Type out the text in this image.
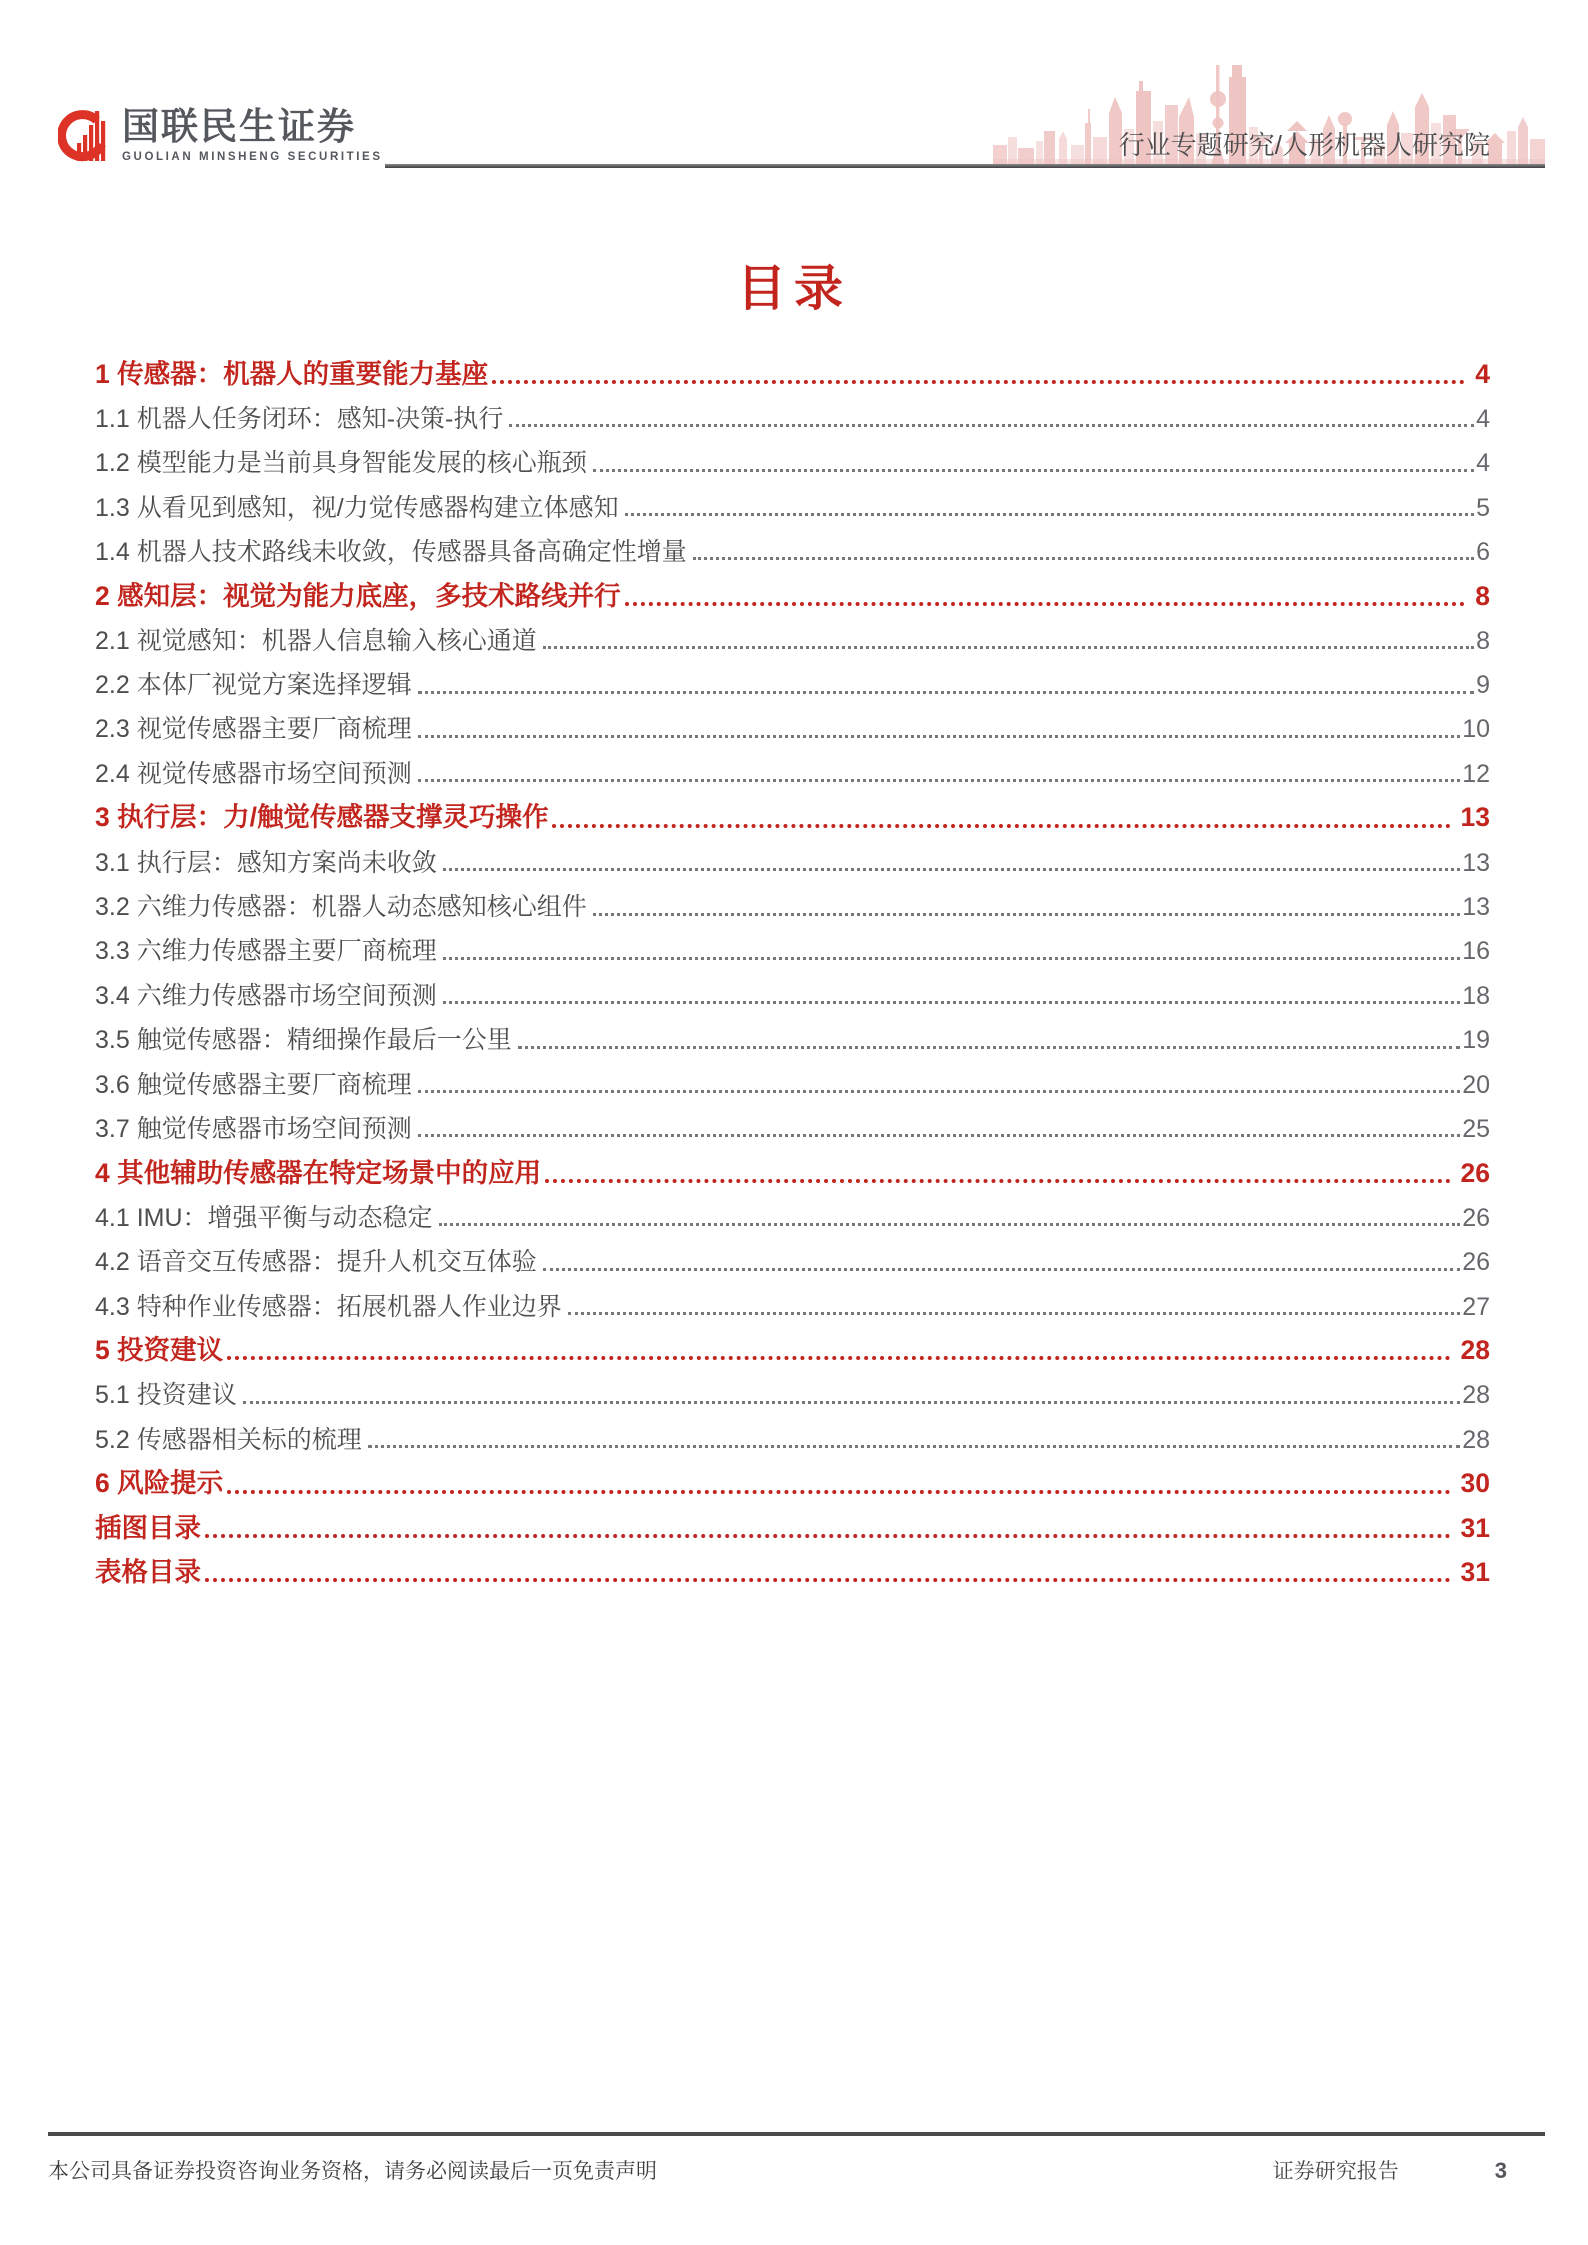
国联民生证券
GUOLIAN MINSHENG SECURITIES	行业专题研究/人形机器人研究院
目录
1 传感器：机器人的重要能力基座	4
1.1 机器人任务闭环：感知-决策-执行	4
1.2 模型能力是当前具身智能发展的核心瓶颈	4
1.3 从看见到感知，视/力觉传感器构建立体感知	5
1.4 机器人技术路线未收敛，传感器具备高确定性增量	6
2 感知层：视觉为能力底座，多技术路线并行	8
2.1 视觉感知：机器人信息输入核心通道	8
2.2 本体厂视觉方案选择逻辑	9
2.3 视觉传感器主要厂商梳理	10
2.4 视觉传感器市场空间预测	12
3 执行层：力/触觉传感器支撑灵巧操作	13
3.1 执行层：感知方案尚未收敛	13
3.2 六维力传感器：机器人动态感知核心组件	13
3.3 六维力传感器主要厂商梳理	16
3.4 六维力传感器市场空间预测	18
3.5 触觉传感器：精细操作最后一公里	19
3.6 触觉传感器主要厂商梳理	20
3.7 触觉传感器市场空间预测	25
4 其他辅助传感器在特定场景中的应用	26
4.1 IMU：增强平衡与动态稳定	26
4.2 语音交互传感器：提升人机交互体验	26
4.3 特种作业传感器：拓展机器人作业边界	27
5 投资建议	28
5.1 投资建议	28
5.2 传感器相关标的梳理	28
6 风险提示	30
插图目录	31
表格目录	31
本公司具备证券投资咨询业务资格，请务必阅读最后一页免责声明	证券研究报告	3
